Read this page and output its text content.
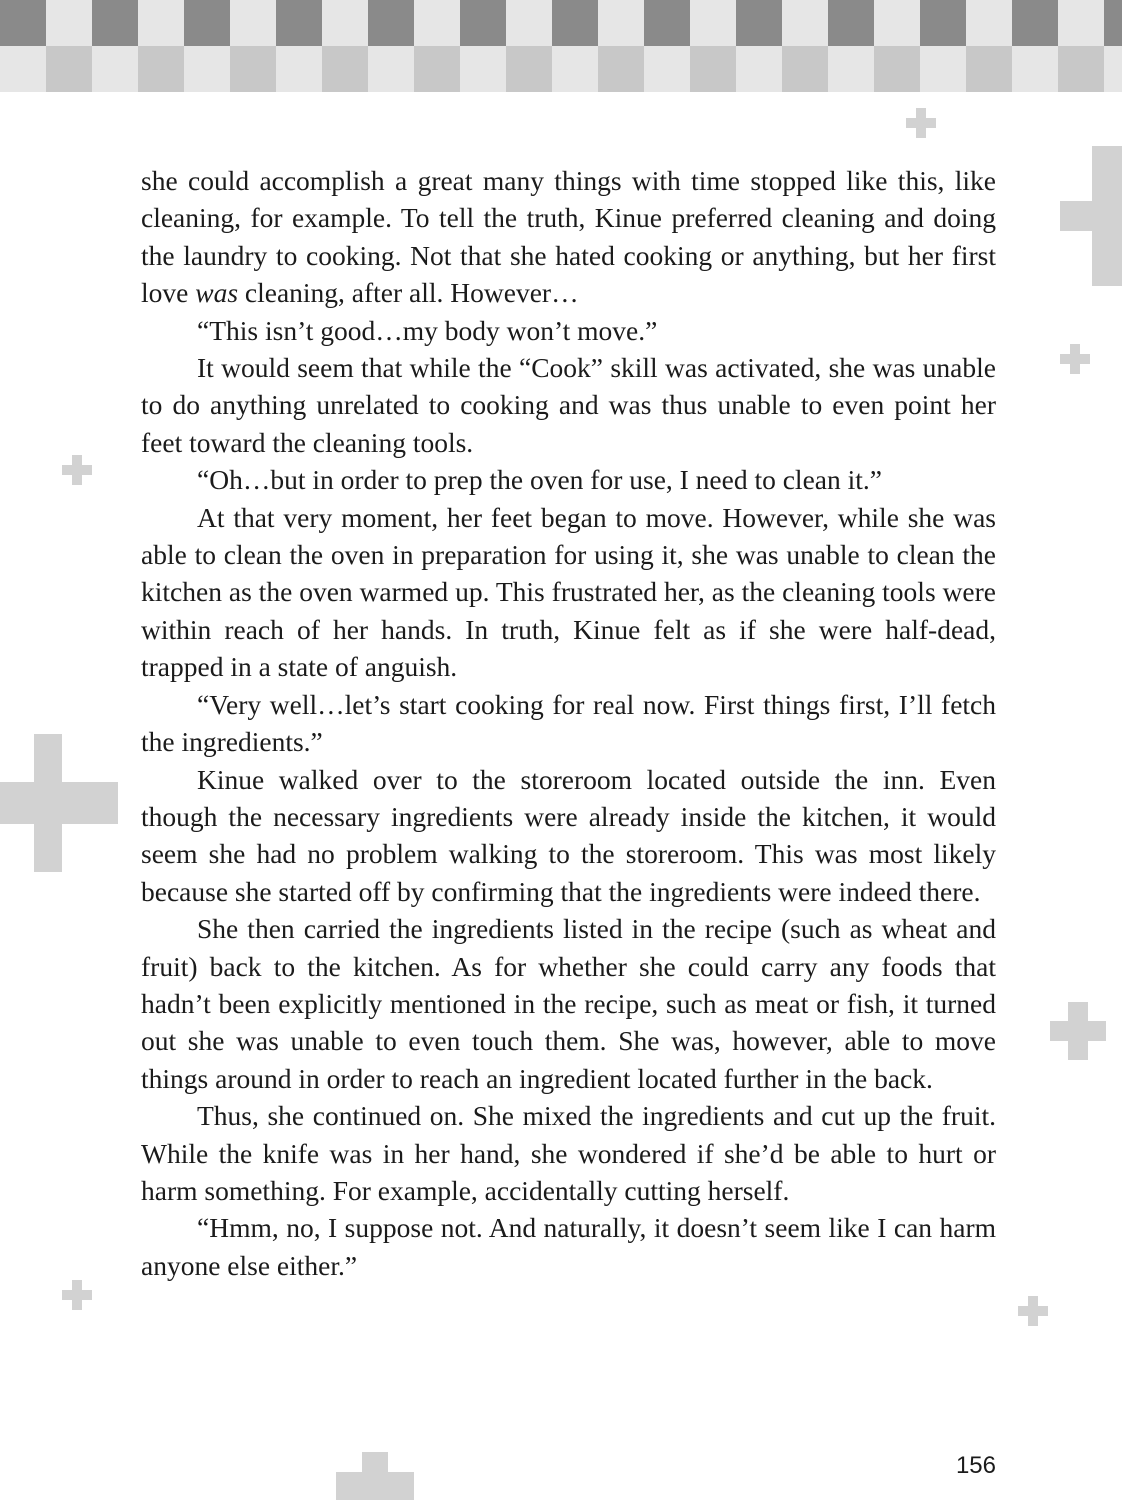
she could accomplish a great many things with time stopped like this, like cleaning, for example. To tell the truth, Kinue preferred cleaning and doing the laundry to cooking. Not that she hated cooking or anything, but her first love was cleaning, after all. However…

“This isn’t good…my body won’t move.”

It would seem that while the “Cook” skill was activated, she was unable to do anything unrelated to cooking and was thus unable to even point her feet toward the cleaning tools.

“Oh…but in order to prep the oven for use, I need to clean it.”

At that very moment, her feet began to move. However, while she was able to clean the oven in preparation for using it, she was unable to clean the kitchen as the oven warmed up. This frustrated her, as the cleaning tools were within reach of her hands. In truth, Kinue felt as if she were half-dead, trapped in a state of anguish.

“Very well…let’s start cooking for real now. First things first, I’ll fetch the ingredients.”

Kinue walked over to the storeroom located outside the inn. Even though the necessary ingredients were already inside the kitchen, it would seem she had no problem walking to the storeroom. This was most likely because she started off by confirming that the ingredients were indeed there.

She then carried the ingredients listed in the recipe (such as wheat and fruit) back to the kitchen. As for whether she could carry any foods that hadn’t been explicitly mentioned in the recipe, such as meat or fish, it turned out she was unable to even touch them. She was, however, able to move things around in order to reach an ingredient located further in the back.

Thus, she continued on. She mixed the ingredients and cut up the fruit. While the knife was in her hand, she wondered if she’d be able to hurt or harm something. For example, accidentally cutting herself.

“Hmm, no, I suppose not. And naturally, it doesn’t seem like I can harm anyone else either.”

156
